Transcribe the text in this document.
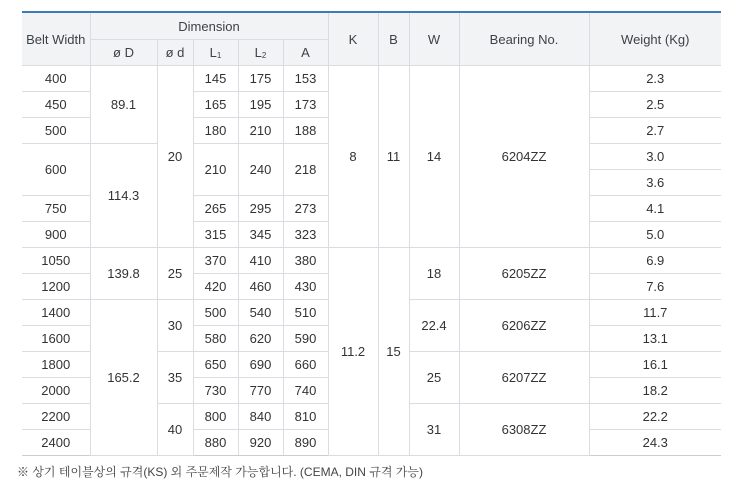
Belt Width	Dimension					K	B	W	Bearing No.	Weight (Kg)
	ø D	ø d	L1	L2	A					
400	89.1	20	145	175	153	8	11	14	6204ZZ	2.3
450			165	195	173					2.5
500			180	210	188					2.7
600	114.3		210	240	218					3.0
										3.6
750			265	295	273					4.1
900			315	345	323					5.0
1050	139.8	25	370	410	380	11.2	15	18	6205ZZ	6.9
1200			420	460	430					7.6
1400	165.2	30	500	540	510			22.4	6206ZZ	11.7
1600			580	620	590					13.1
1800		35	650	690	660			25	6207ZZ	16.1
2000			730	770	740					18.2
2200		40	800	840	810			31	6308ZZ	22.2
2400			880	920	890					24.3
※ 상기 테이블상의 규격(KS) 외 주문제작 가능합니다. (CEMA, DIN 규격 가능)
